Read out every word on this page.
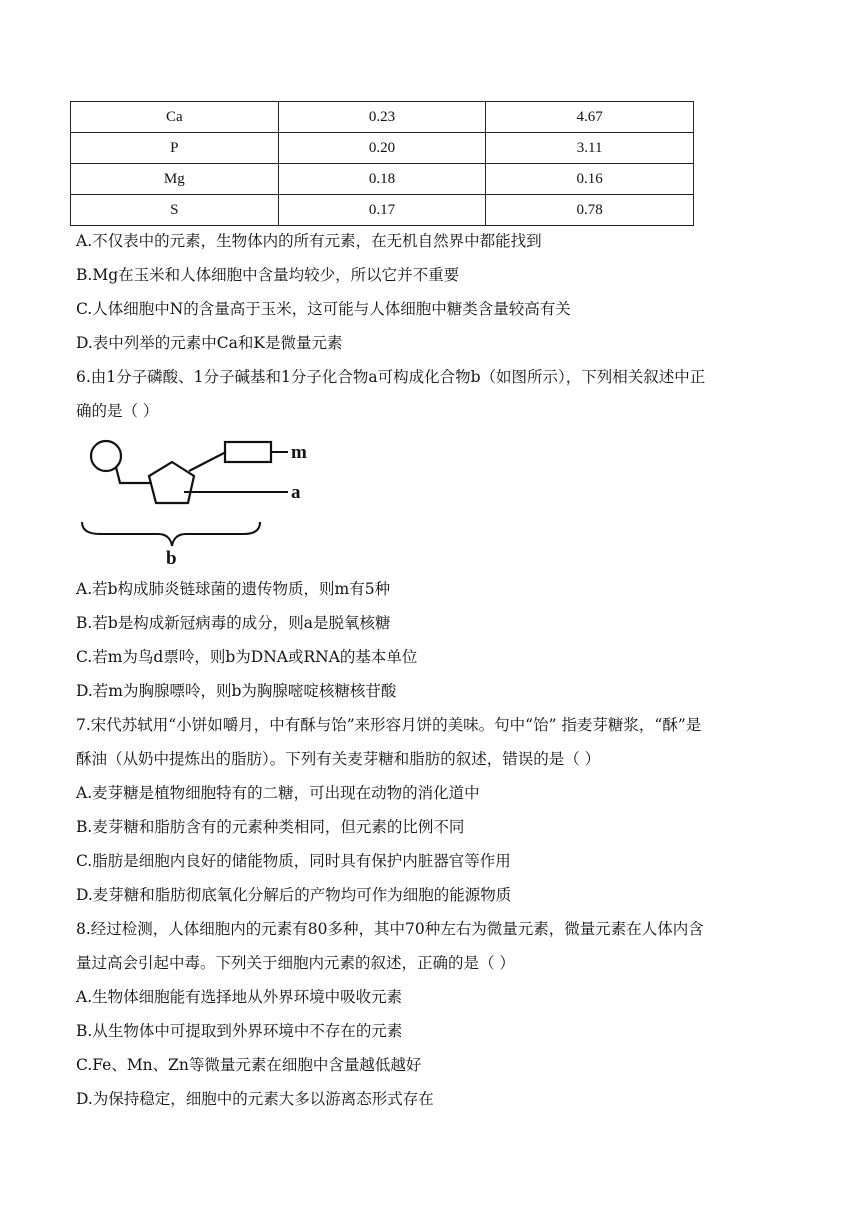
Ca	0.23	4.67
P	0.20	3.11
Mg	0.18	0.16
S	0.17	0.78
A.不仅表中的元素，生物体内的所有元素，在无机自然界中都能找到
B.Mg在玉米和人体细胞中含量均较少，所以它并不重要
C.人体细胞中N的含量高于玉米，这可能与人体细胞中糖类含量较高有关
D.表中列举的元素中Ca和K是微量元素
6.由1分子磷酸、1分子碱基和1分子化合物a可构成化合物b（如图所示），下列相关叙述中正
确的是（ ）
m
a
b
A.若b构成肺炎链球菌的遗传物质，则m有5种
B.若b是构成新冠病毒的成分，则a是脱氧核糖
C.若m为鸟d票呤，则b为DNA或RNA的基本单位
D.若m为胸腺嘌呤，则b为胸腺嘧啶核糖核苷酸
7.宋代苏轼用“小饼如嚼月，中有酥与饴”来形容月饼的美味。句中“饴” 指麦芽糖浆，“酥”是
酥油（从奶中提炼出的脂肪）。下列有关麦芽糖和脂肪的叙述，错误的是（ ）
A.麦芽糖是植物细胞特有的二糖，可出现在动物的消化道中
B.麦芽糖和脂肪含有的元素种类相同，但元素的比例不同
C.脂肪是细胞内良好的储能物质，同时具有保护内脏器官等作用
D.麦芽糖和脂肪彻底氧化分解后的产物均可作为细胞的能源物质
8.经过检测，人体细胞内的元素有80多种，其中70种左右为微量元素，微量元素在人体内含
量过高会引起中毒。下列关于细胞内元素的叙述，正确的是（ ）
A.生物体细胞能有选择地从外界环境中吸收元素
B.从生物体中可提取到外界环境中不存在的元素
C.Fe、Mn、Zn等微量元素在细胞中含量越低越好
D.为保持稳定，细胞中的元素大多以游离态形式存在
